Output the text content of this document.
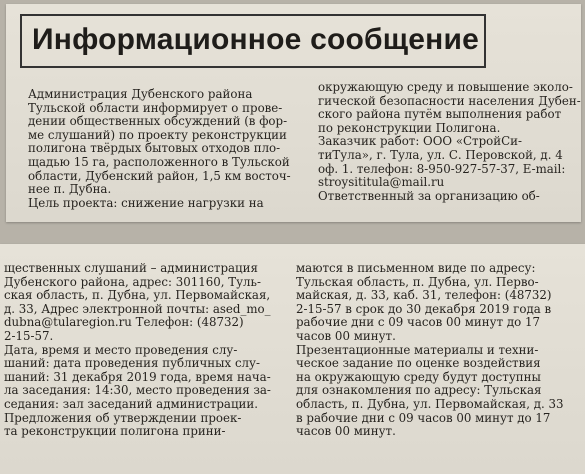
Информационное сообщение
Администрация Дубенского района
Тульской области информирует о прове-
дении общественных обсуждений (в фор-
ме слушаний) по проекту реконструкции
полигона твёрдых бытовых отходов пло-
щадью 15 га, расположенного в Тульской
области, Дубенский район, 1,5 км восточ-
нее п. Дубна.
Цель проекта: снижение нагрузки на
окружающую среду и повышение эколо-
гической безопасности населения Дубен-
ского района путём выполнения работ
по реконструкции Полигона.
Заказчик работ: ООО «СтройСи-
тиТула», г. Тула, ул. С. Перовской, д. 4
оф. 1. телефон: 8-950-927-57-37, E-mail:
stroysititula@mail.ru
Ответственный за организацию об-
щественных слушаний – администрация
Дубенского района, адрес: 301160, Туль-
ская область, п. Дубна, ул. Первомайская,
д. 33, Адрес электронной почты: ased_mo_
dubna@tularegion.ru Телефон: (48732)
2-15-57.
Дата, время и место проведения слу-
шаний: дата проведения публичных слу-
шаний: 31 декабря 2019 года, время нача-
ла заседания: 14:30, место проведения за-
седания: зал заседаний администрации.
Предложения об утверждении проек-
та реконструкции полигона прини-
маются в письменном виде по адресу:
Тульская область, п. Дубна, ул. Перво-
майская, д. 33, каб. 31, телефон: (48732)
2-15-57 в срок до 30 декабря 2019 года в
рабочие дни с 09 часов 00 минут до 17
часов 00 минут.
Презентационные материалы и техни-
ческое задание по оценке воздействия
на окружающую среду будут доступны
для ознакомления по адресу: Тульская
область, п. Дубна, ул. Первомайская, д. 33
в рабочие дни с 09 часов 00 минут до 17
часов 00 минут.
